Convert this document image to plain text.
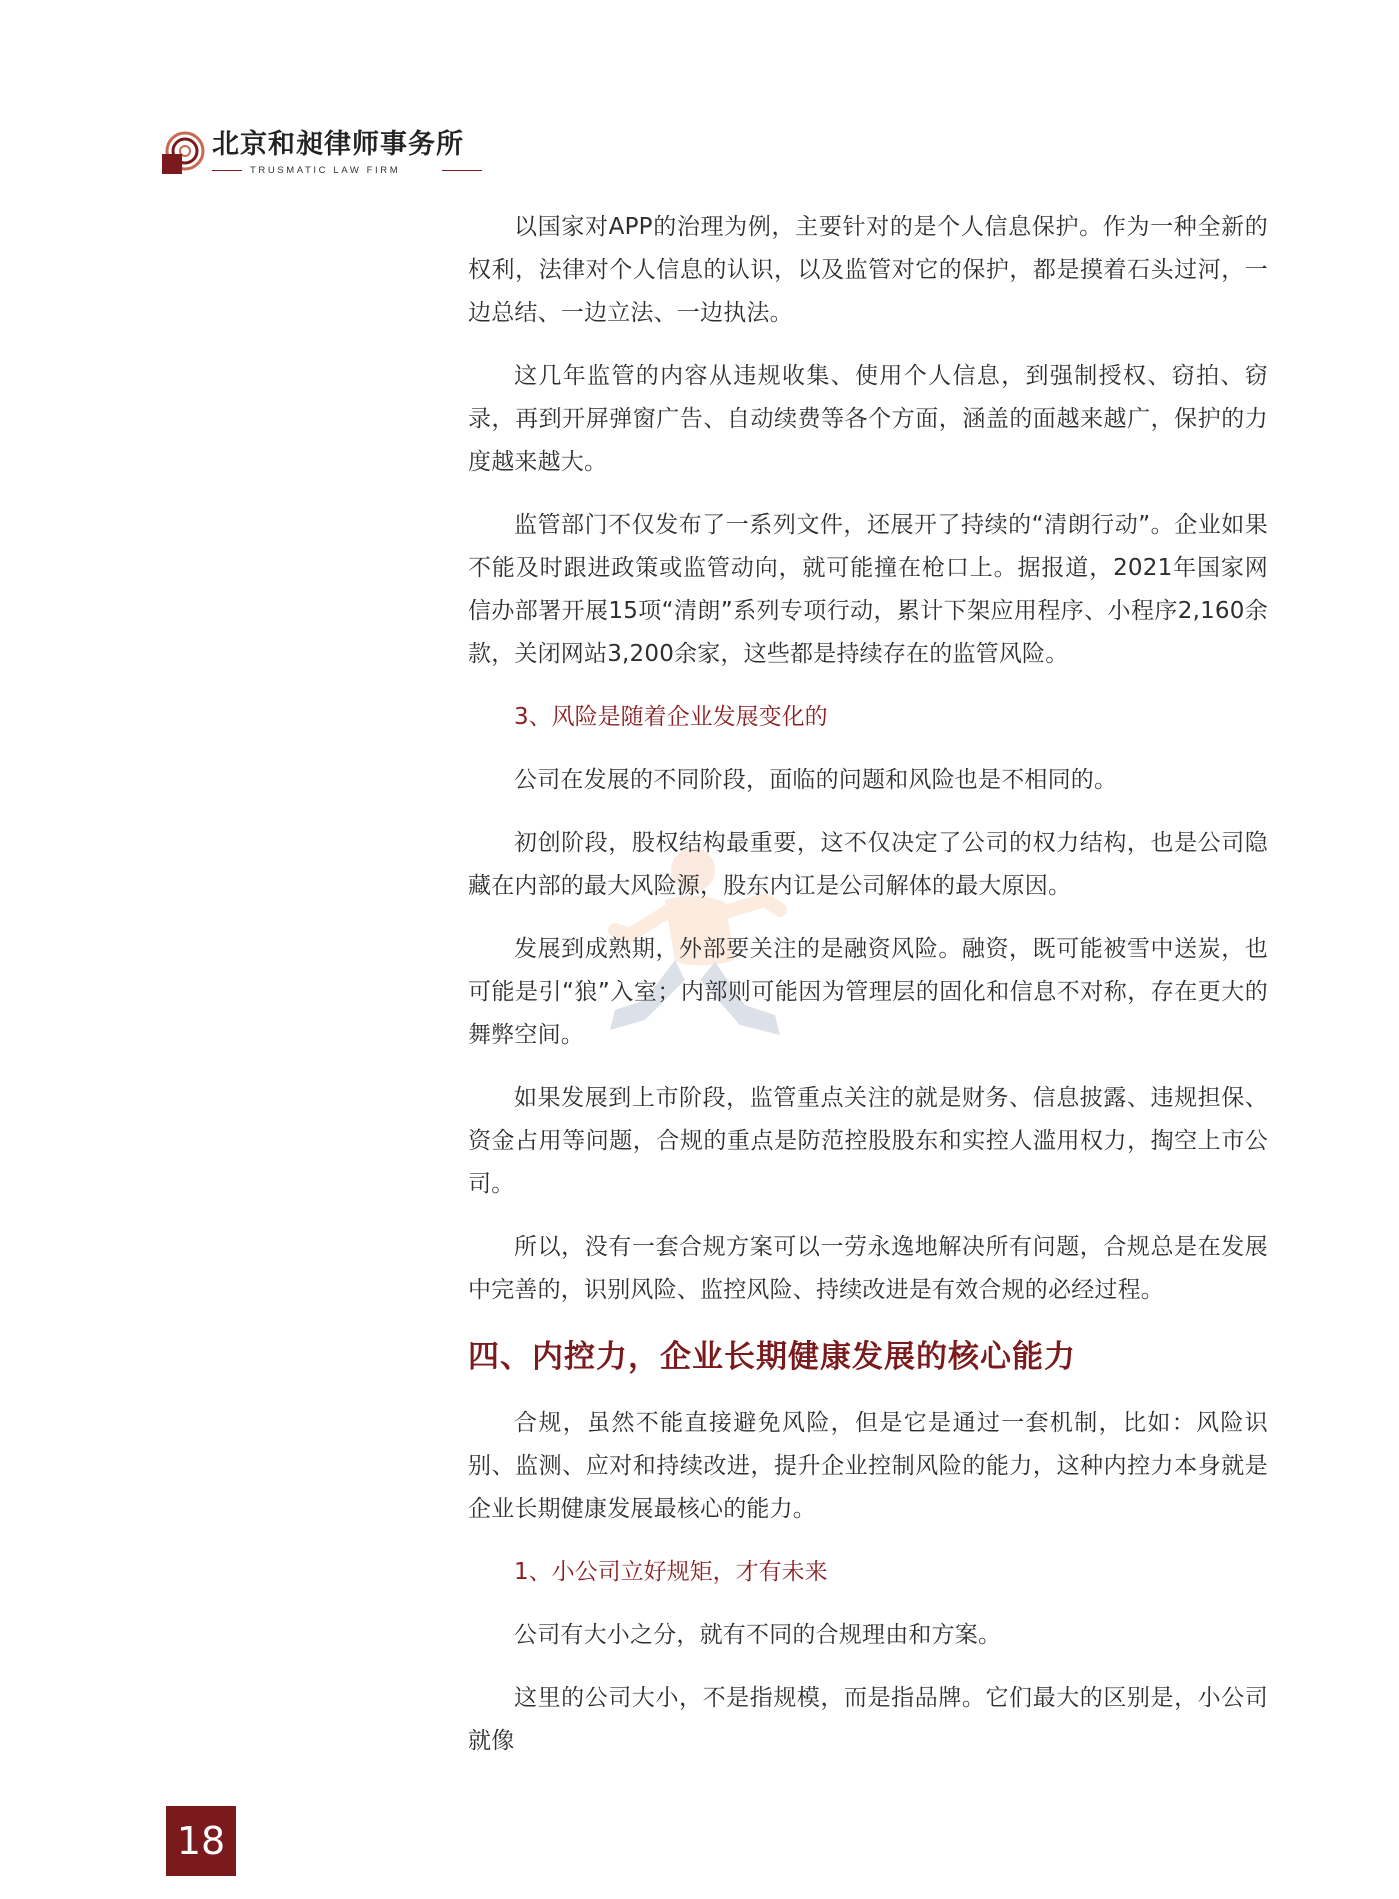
北京和昶律师事务所
TRUSMATIC LAW FIRM

以国家对APP的治理为例，主要针对的是个人信息保护。作为一种全新的权利，法律对个人信息的认识，以及监管对它的保护，都是摸着石头过河，一边总结、一边立法、一边执法。

这几年监管的内容从违规收集、使用个人信息，到强制授权、窃拍、窃录，再到开屏弹窗广告、自动续费等各个方面，涵盖的面越来越广，保护的力度越来越大。

监管部门不仅发布了一系列文件，还展开了持续的“清朗行动”。企业如果不能及时跟进政策或监管动向，就可能撞在枪口上。据报道，2021年国家网信办部署开展15项“清朗”系列专项行动，累计下架应用程序、小程序2,160余款，关闭网站3,200余家，这些都是持续存在的监管风险。

3、风险是随着企业发展变化的

公司在发展的不同阶段，面临的问题和风险也是不相同的。

初创阶段，股权结构最重要，这不仅决定了公司的权力结构，也是公司隐藏在内部的最大风险源，股东内讧是公司解体的最大原因。

发展到成熟期，外部要关注的是融资风险。融资，既可能被雪中送炭，也可能是引“狼”入室；内部则可能因为管理层的固化和信息不对称，存在更大的舞弊空间。

如果发展到上市阶段，监管重点关注的就是财务、信息披露、违规担保、资金占用等问题，合规的重点是防范控股股东和实控人滥用权力，掏空上市公司。

所以，没有一套合规方案可以一劳永逸地解决所有问题，合规总是在发展中完善的，识别风险、监控风险、持续改进是有效合规的必经过程。

四、内控力，企业长期健康发展的核心能力

合规，虽然不能直接避免风险，但是它是通过一套机制，比如：风险识别、监测、应对和持续改进，提升企业控制风险的能力，这种内控力本身就是企业长期健康发展最核心的能力。

1、小公司立好规矩，才有未来

公司有大小之分，就有不同的合规理由和方案。

这里的公司大小，不是指规模，而是指品牌。它们最大的区别是，小公司就像

18
